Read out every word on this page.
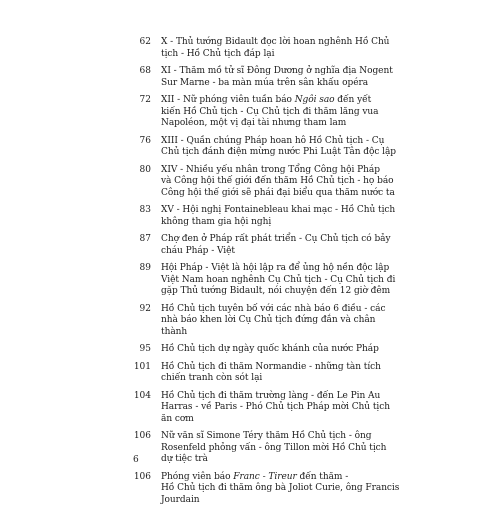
62 X - Thủ tướng Bidault đọc lời hoan nghênh Hồ Chủ
tịch - Hồ Chủ tịch đáp lại
68 XI - Thăm mồ tử sĩ Đông Dương ở nghĩa địa Nogent
Sur Marne - ba màn múa trên sân khấu opéra
72 XII - Nữ phóng viên tuần báo Ngôi sao đến yết
kiến Hồ Chủ tịch - Cụ Chủ tịch đi thăm lăng vua
Napoléon, một vị đại tài nhưng tham lam
76 XIII - Quần chúng Pháp hoan hô Hồ Chủ tịch - Cụ
Chủ tịch đánh điện mừng nước Phi Luật Tân độc lập
80 XIV - Nhiều yếu nhân trong Tổng Công hội Pháp
và Công hội thế giới đến thăm Hồ Chủ tịch - họ báo
Công hội thế giới sẽ phái đại biểu qua thăm nước ta
83 XV - Hội nghị Fontainebleau khai mạc - Hồ Chủ tịch
không tham gia hội nghị
87 Chợ đen ở Pháp rất phát triển - Cụ Chủ tịch có bảy
cháu Pháp - Việt
89 Hội Pháp - Việt là hội lập ra để ủng hộ nền độc lập
Việt Nam hoan nghênh Cụ Chủ tịch - Cụ Chủ tịch đi
gặp Thủ tướng Bidault, nói chuyện đến 12 giờ đêm
92 Hồ Chủ tịch tuyên bố với các nhà báo 6 điều - các
nhà báo khen lời Cụ Chủ tịch đứng đắn và chân
thành
95 Hồ Chủ tịch dự ngày quốc khánh của nước Pháp
101 Hồ Chủ tịch đi thăm Normandie - những tàn tích
chiến tranh còn sót lại
104 Hồ Chủ tịch đi thăm trường làng - đến Le Pin Au
Harras - về Paris - Phó Chủ tịch Pháp mời Chủ tịch
ăn cơm
106 Nữ văn sĩ Simone Téry thăm Hồ Chủ tịch - ông
Rosenfeld phỏng vấn - ông Tillon mời Hồ Chủ tịch
dự tiệc trà
106 Phóng viên báo Franc - Tireur đến thăm -
Hồ Chủ tịch đi thăm ông bà Joliot Curie, ông Francis
Jourdain
6
